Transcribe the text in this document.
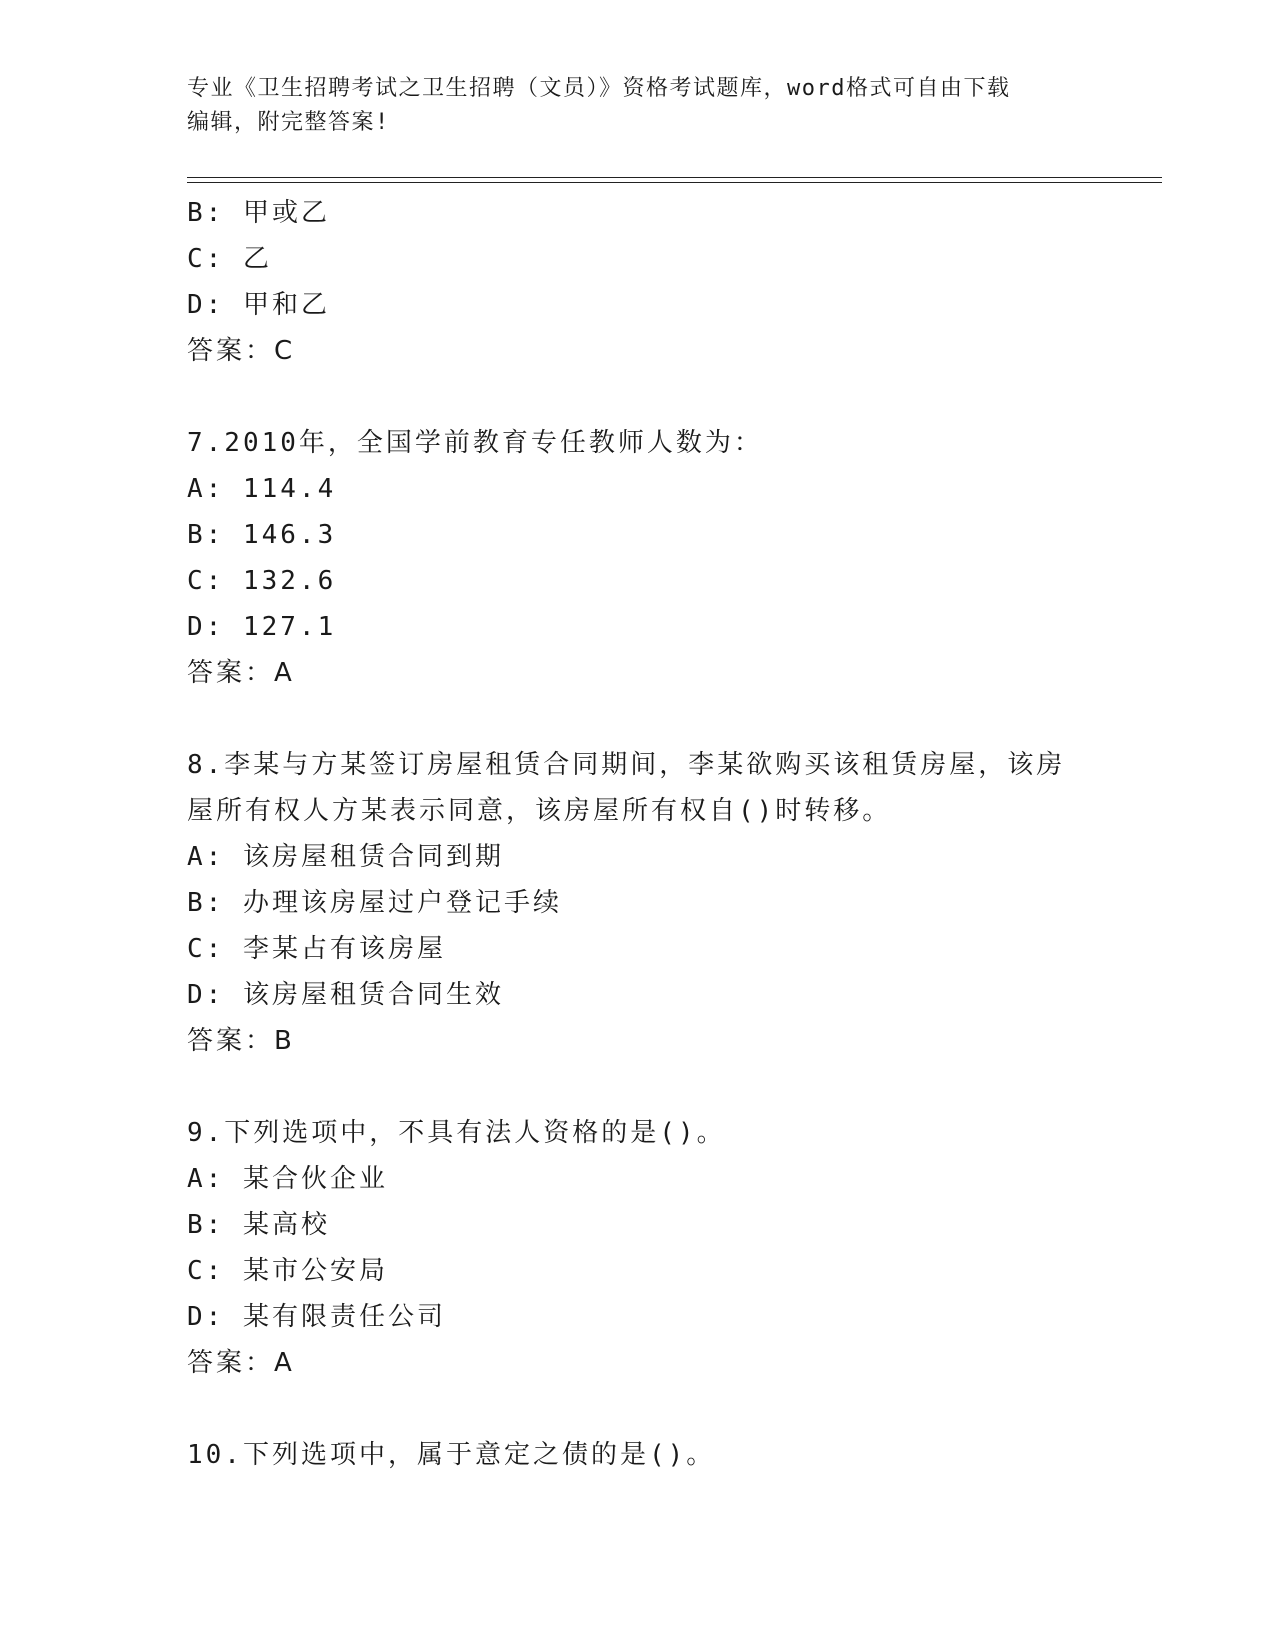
专业《卫生招聘考试之卫生招聘（文员）》资格考试题库，word格式可自由下载
编辑，附完整答案!
B: 甲或乙
C: 乙
D: 甲和乙
答案：C
7.2010年，全国学前教育专任教师人数为：
A: 114.4
B: 146.3
C: 132.6
D: 127.1
答案：A
8.李某与方某签订房屋租赁合同期间，李某欲购买该租赁房屋，该房
屋所有权人方某表示同意，该房屋所有权自()时转移。
A: 该房屋租赁合同到期
B: 办理该房屋过户登记手续
C: 李某占有该房屋
D: 该房屋租赁合同生效
答案：B
9.下列选项中，不具有法人资格的是()。
A: 某合伙企业
B: 某高校
C: 某市公安局
D: 某有限责任公司
答案：A
10.下列选项中，属于意定之债的是()。
